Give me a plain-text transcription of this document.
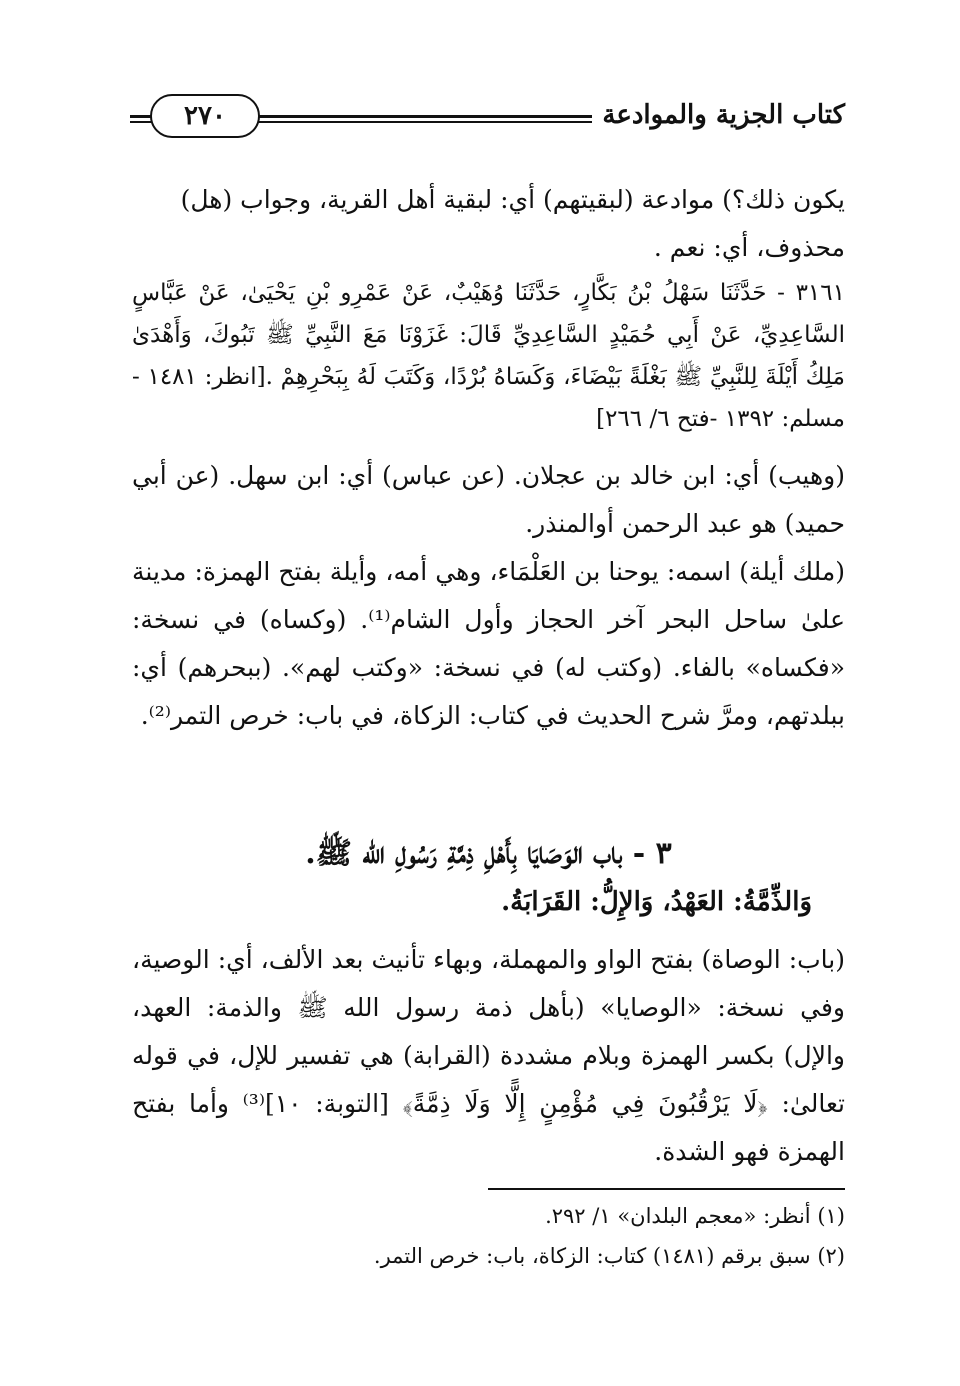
٢٧٠	كتاب الجزية والموادعة

يكون ذلك؟) موادعة (لبقيتهم) أي: لبقية أهل القرية، وجواب (هل)

محذوف، أي: نعم .

٣١٦١ - حَدَّثَنَا سَهْلُ بْنُ بَكَّارٍ، حَدَّثَنَا وُهَيْبٌ، عَنْ عَمْرِو بْنِ يَحْيَىٰ، عَنْ عَبَّاسٍ السَّاعِدِيِّ، عَنْ أَبِي حُمَيْدٍ السَّاعِدِيِّ قَالَ: غَزَوْنَا مَعَ النَّبِيِّ ﷺ تَبُوكَ، وَأَهْدَىٰ مَلِكُ أَيْلَةَ لِلنَّبِيِّ ﷺ بَغْلَةً بَيْضَاءَ، وَكَسَاهُ بُرْدًا، وَكَتَبَ لَهُ بِبَحْرِهِمْ .[انظر: ١٤٨١ - مسلم: ١٣٩٢ -فتح ٦/ ٢٦٦]

(وهيب) أي: ابن خالد بن عجلان. (عن عباس) أي: ابن سهل. (عن أبي حميد) هو عبد الرحمن أوالمنذر.

(ملك أيلة) اسمه: يوحنا بن العَلْمَاء، وهي أمه، وأيلة بفتح الهمزة: مدينة علىٰ ساحل البحر آخر الحجاز وأول الشام⁽¹⁾. (وكساه) في نسخة: «فكساه» بالفاء. (وكتب له) في نسخة: «وكتب لهم». (ببحرهم) أي: ببلدتهم، ومرَّ شرح الحديث في كتاب: الزكاة، في باب: خرص التمر⁽²⁾.

٣ - باب الوَصَايَا بِأَهْلِ ذِمَّةِ رَسُولِ الله ﷺ.
وَالذِّمَّةُ: العَهْدُ، وَالإِلُّ: القَرَابَةُ.

(باب: الوصاة) بفتح الواو والمهملة، وبهاء تأنيث بعد الألف، أي: الوصية، وفي نسخة: «الوصايا» (بأهل ذمة رسول الله ﷺ والذمة: العهد، والإل) بكسر الهمزة وبلام مشددة (القرابة) هي تفسير للإل، في قوله تعالىٰ: ﴿لَا يَرْقُبُونَ فِي مُؤْمِنٍ إِلًّا وَلَا ذِمَّةً﴾ [التوبة: ١٠]⁽³⁾ وأما بفتح الهمزة فهو الشدة.

(١) أنظر: «معجم البلدان» ١/ ٢٩٢.

(٢) سبق برقم (١٤٨١) كتاب: الزكاة، باب: خرص التمر.
